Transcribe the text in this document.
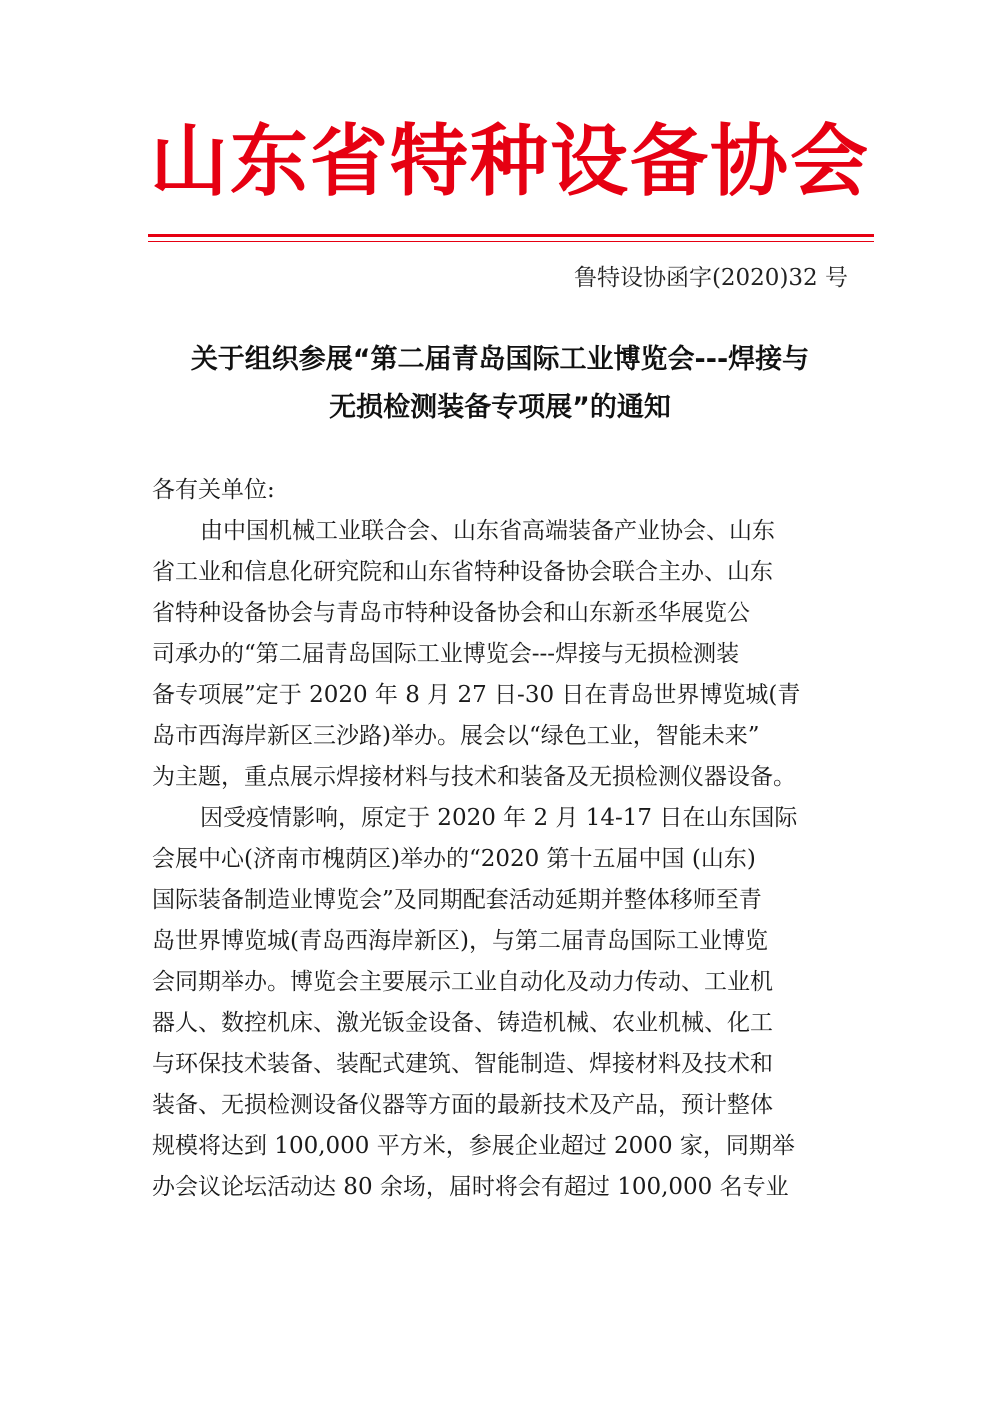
山东省特种设备协会
鲁特设协函字(2020)32 号
关于组织参展“第二届青岛国际工业博览会---焊接与
无损检测装备专项展”的通知
各有关单位:
由中国机械工业联合会、山东省高端装备产业协会、山东
省工业和信息化研究院和山东省特种设备协会联合主办、山东
省特种设备协会与青岛市特种设备协会和山东新丞华展览公
司承办的“第二届青岛国际工业博览会---焊接与无损检测装
备专项展”定于 2020 年 8 月 27 日-30 日在青岛世界博览城(青
岛市西海岸新区三沙路)举办。展会以“绿色工业，智能未来”
为主题，重点展示焊接材料与技术和装备及无损检测仪器设备。
因受疫情影响，原定于 2020 年 2 月 14-17 日在山东国际
会展中心(济南市槐荫区)举办的“2020 第十五届中国 (山东)
国际装备制造业博览会”及同期配套活动延期并整体移师至青
岛世界博览城(青岛西海岸新区)，与第二届青岛国际工业博览
会同期举办。博览会主要展示工业自动化及动力传动、工业机
器人、数控机床、激光钣金设备、铸造机械、农业机械、化工
与环保技术装备、装配式建筑、智能制造、焊接材料及技术和
装备、无损检测设备仪器等方面的最新技术及产品，预计整体
规模将达到 100,000 平方米，参展企业超过 2000 家，同期举
办会议论坛活动达 80 余场，届时将会有超过 100,000 名专业
